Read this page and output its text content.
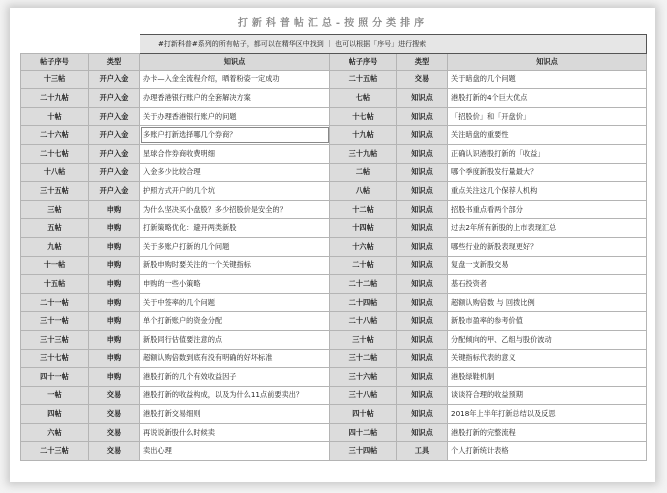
打新科普帖汇总-按照分类排序
		#打新科普#系列的所有帖子，都可以在精华区中找到 ｜ 也可以根据「序号」进行搜索			
帖子序号	类型	知识点	帖子序号	类型	知识点
十三帖	开户入金	办卡—入金全流程介绍，晒着粉姿一定成功	二十五帖	交易	关于暗盘的几个问题
二十九帖	开户入金	办理香港银行账户的全套解决方案	七帖	知识点	港股打新的4个巨大优点
十帖	开户入金	关于办理香港银行账户的问题	十七帖	知识点	「招股价」和「开盘价」
二十六帖	开户入金	多账户打新选择哪几个券商？	十九帖	知识点	关注暗盘的重要性
二十七帖	开户入金	星球合作券商收费明细	三十九帖	知识点	正确认识港股打新的「收益」
十八帖	开户入金	入金多少比较合理	二帖	知识点	哪个季度新股发行量最大？
三十五帖	开户入金	护照方式开户的几个坑	八帖	知识点	重点关注这几个保荐人机构
三帖	申购	为什么坚决买小盘股？多少招股价是安全的？	十二帖	知识点	招股书重点看两个部分
五帖	申购	打新策略优化：避开两类新股	十四帖	知识点	过去2年所有新股的上市表现汇总
九帖	申购	关于多账户打新的几个问题	十六帖	知识点	哪些行业的新股表现更好？
十一帖	申购	新股申购时要关注的一个关键指标	二十帖	知识点	复盘一支新股交易
十五帖	申购	申购的一些小策略	二十二帖	知识点	基石投资者
二十一帖	申购	关于中签率的几个问题	二十四帖	知识点	超额认购倍数 与 回拨比例
三十一帖	申购	单个打新账户的资金分配	二十八帖	知识点	新股市盈率的参考价值
三十三帖	申购	新股同行估值要注意的点	三十帖	知识点	分配倾向的甲、乙组与股价波动
三十七帖	申购	超额认购倍数到底有没有明确的好坏标准	三十二帖	知识点	关键指标代表的意义
四十一帖	申购	港股打新的几个有效收益因子	三十六帖	知识点	港股绿鞋机制
一帖	交易	港股打新的收益构成，以及为什么11点前要卖出？	三十八帖	知识点	谈谈符合理的收益预期
四帖	交易	港股打新交易细则	四十帖	知识点	2018年上半年打新总结以及反思
六帖	交易	再说说新股什么时候卖	四十二帖	知识点	港股打新的完整流程
二十三帖	交易	卖出心理	三十四帖	工具	个人打新统计表格
